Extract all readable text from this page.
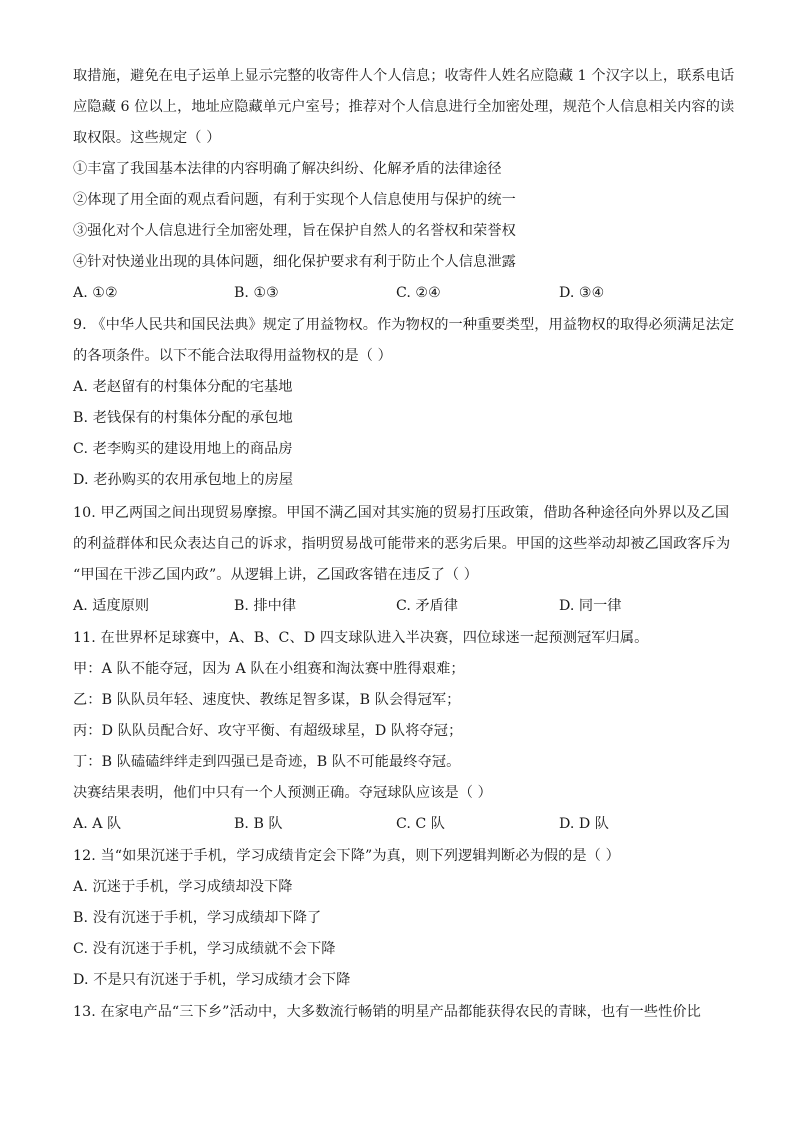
取措施，避免在电子运单上显示完整的收寄件人个人信息；收寄件人姓名应隐藏 1 个汉字以上，联系电话
应隐藏 6 位以上，地址应隐藏单元户室号；推荐对个人信息进行全加密处理，规范个人信息相关内容的读
取权限。这些规定（ ）
①丰富了我国基本法律的内容明确了解决纠纷、化解矛盾的法律途径
②体现了用全面的观点看问题，有利于实现个人信息使用与保护的统一
③强化对个人信息进行全加密处理，旨在保护自然人的名誉权和荣誉权
④针对快递业出现的具体问题，细化保护要求有利于防止个人信息泄露
A. ①②	B. ①③	C. ②④	D. ③④
9. 《中华人民共和国民法典》规定了用益物权。作为物权的一种重要类型，用益物权的取得必须满足法定
的各项条件。以下不能合法取得用益物权的是（ ）
A. 老赵留有的村集体分配的宅基地
B. 老钱保有的村集体分配的承包地
C. 老李购买的建设用地上的商品房
D. 老孙购买的农用承包地上的房屋
10. 甲乙两国之间出现贸易摩擦。甲国不满乙国对其实施的贸易打压政策，借助各种途径向外界以及乙国
的利益群体和民众表达自己的诉求，指明贸易战可能带来的恶劣后果。甲国的这些举动却被乙国政客斥为
“甲国在干涉乙国内政”。从逻辑上讲，乙国政客错在违反了（ ）
A. 适度原则	B. 排中律	C. 矛盾律	D. 同一律
11. 在世界杯足球赛中，A、B、C、D 四支球队进入半决赛，四位球迷一起预测冠军归属。
甲：A 队不能夺冠，因为 A 队在小组赛和淘汰赛中胜得艰难；
乙：B 队队员年轻、速度快、教练足智多谋，B 队会得冠军；
丙：D 队队员配合好、攻守平衡、有超级球星，D 队将夺冠；
丁：B 队磕磕绊绊走到四强已是奇迹，B 队不可能最终夺冠。
决赛结果表明，他们中只有一个人预测正确。夺冠球队应该是（ ）
A. A 队	B. B 队	C. C 队	D. D 队
12. 当“如果沉迷于手机，学习成绩肯定会下降”为真，则下列逻辑判断必为假的是（ ）
A. 沉迷于手机，学习成绩却没下降
B. 没有沉迷于手机，学习成绩却下降了
C. 没有沉迷于手机，学习成绩就不会下降
D. 不是只有沉迷于手机，学习成绩才会下降
13. 在家电产品“三下乡”活动中，大多数流行畅销的明星产品都能获得农民的青睐，也有一些性价比
